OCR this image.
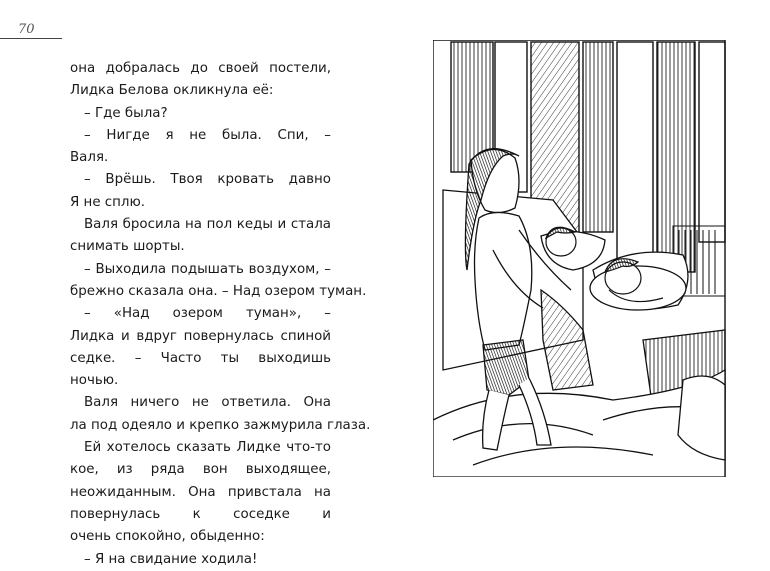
70
она добралась до своей постели,
Лидка Белова окликнула её:
– Где была?
– Нигде я не была. Спи, –
Валя.
– Врёшь. Твоя кровать давно
Я не сплю.
Валя бросила на пол кеды и стала
снимать шорты.
– Выходила подышать воздухом, –
брежно сказала она. – Над озером туман.
– «Над озером туман», –
Лидка и вдруг повернулась спиной
седке. – Часто ты выходишь
ночью.
Валя ничего не ответила. Она
ла под одеяло и крепко зажмурила глаза.
Ей хотелось сказать Лидке что-то
кое, из ряда вон выходящее,
неожиданным. Она привстала на
повернулась к соседке и
очень спокойно, обыденно:
– Я на свидание ходила!
